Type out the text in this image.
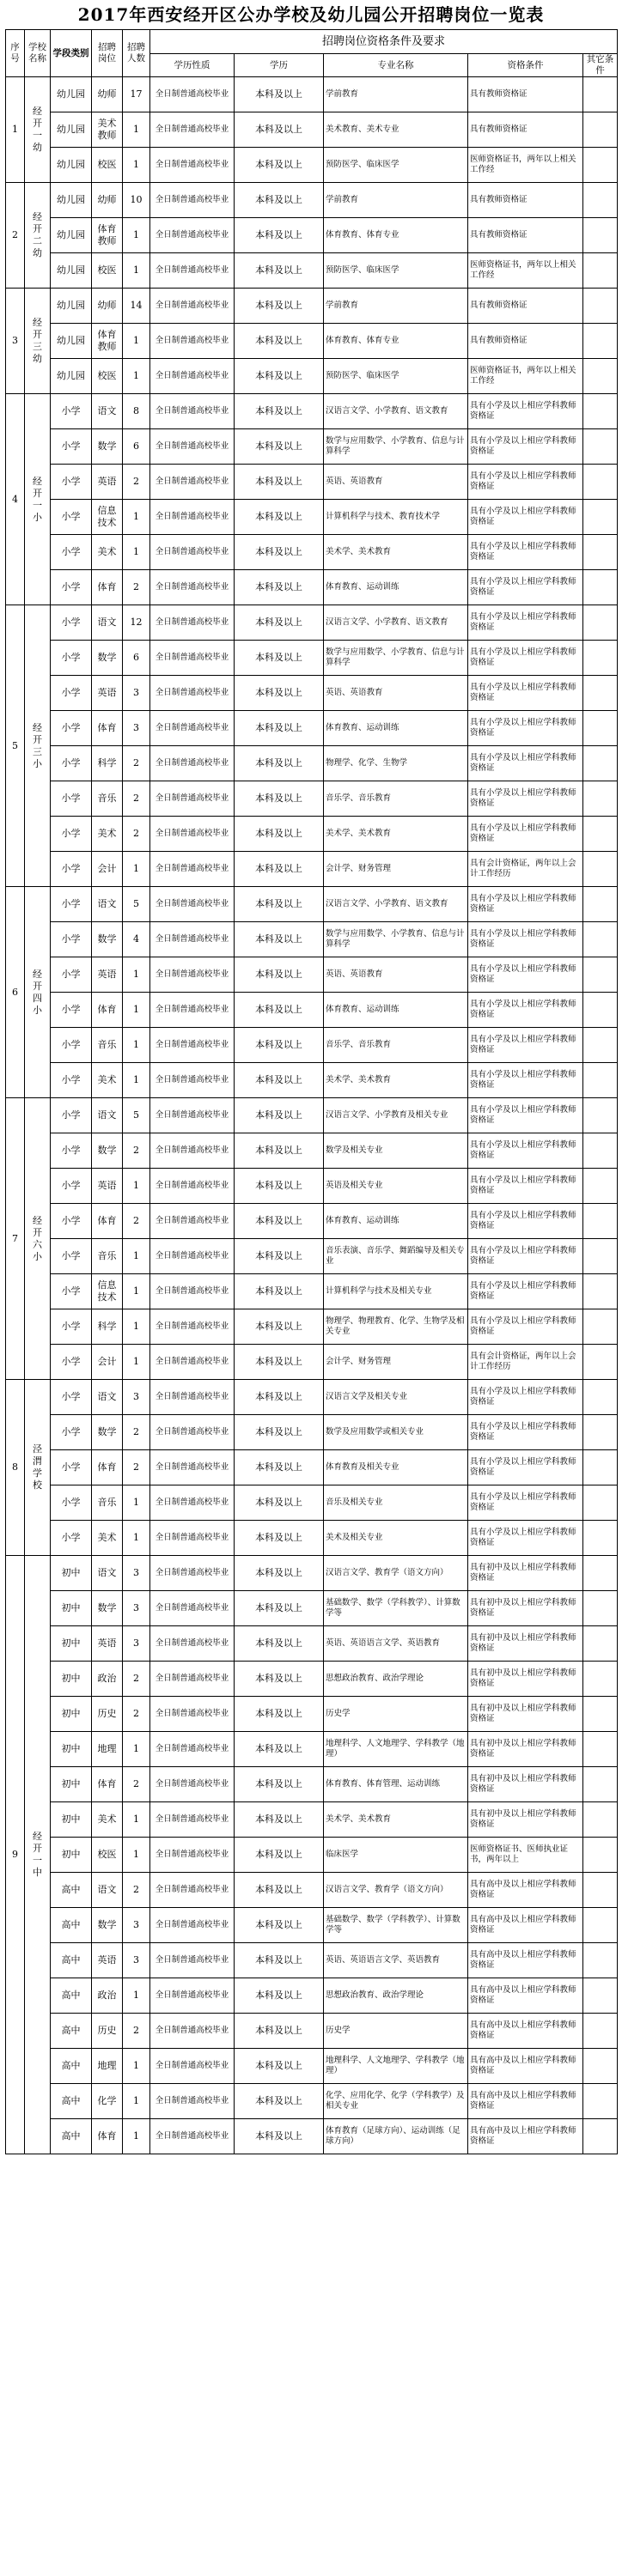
2017年西安经开区公办学校及幼儿园公开招聘岗位一览表
序号	学校名称	学段类别	招聘岗位	招聘人数	招聘岗位资格条件及要求				
					学历性质	学历	专业名称	资格条件	其它条件
1	经开一幼	幼儿园	幼师	17	全日制普通高校毕业	本科及以上	学前教育	具有教师资格证	
		幼儿园	美术教师	1	全日制普通高校毕业	本科及以上	美术教育、美术专业	具有教师资格证	
		幼儿园	校医	1	全日制普通高校毕业	本科及以上	预防医学、临床医学	医师资格证书，两年以上相关工作经	
2	经开二幼	幼儿园	幼师	10	全日制普通高校毕业	本科及以上	学前教育	具有教师资格证	
		幼儿园	体育教师	1	全日制普通高校毕业	本科及以上	体育教育、体育专业	具有教师资格证	
		幼儿园	校医	1	全日制普通高校毕业	本科及以上	预防医学、临床医学	医师资格证书，两年以上相关工作经	
3	经开三幼	幼儿园	幼师	14	全日制普通高校毕业	本科及以上	学前教育	具有教师资格证	
		幼儿园	体育教师	1	全日制普通高校毕业	本科及以上	体育教育、体育专业	具有教师资格证	
		幼儿园	校医	1	全日制普通高校毕业	本科及以上	预防医学、临床医学	医师资格证书，两年以上相关工作经	
4	经开一小	小学	语文	8	全日制普通高校毕业	本科及以上	汉语言文学、小学教育、语文教育	具有小学及以上相应学科教师资格证	
		小学	数学	6	全日制普通高校毕业	本科及以上	数学与应用数学、小学教育、信息与计算科学	具有小学及以上相应学科教师资格证	
		小学	英语	2	全日制普通高校毕业	本科及以上	英语、英语教育	具有小学及以上相应学科教师资格证	
		小学	信息技术	1	全日制普通高校毕业	本科及以上	计算机科学与技术、教育技术学	具有小学及以上相应学科教师资格证	
		小学	美术	1	全日制普通高校毕业	本科及以上	美术学、美术教育	具有小学及以上相应学科教师资格证	
		小学	体育	2	全日制普通高校毕业	本科及以上	体育教育、运动训练	具有小学及以上相应学科教师资格证	
5	经开三小	小学	语文	12	全日制普通高校毕业	本科及以上	汉语言文学、小学教育、语文教育	具有小学及以上相应学科教师资格证	
		小学	数学	6	全日制普通高校毕业	本科及以上	数学与应用数学、小学教育、信息与计算科学	具有小学及以上相应学科教师资格证	
		小学	英语	3	全日制普通高校毕业	本科及以上	英语、英语教育	具有小学及以上相应学科教师资格证	
		小学	体育	3	全日制普通高校毕业	本科及以上	体育教育、运动训练	具有小学及以上相应学科教师资格证	
		小学	科学	2	全日制普通高校毕业	本科及以上	物理学、化学、生物学	具有小学及以上相应学科教师资格证	
		小学	音乐	2	全日制普通高校毕业	本科及以上	音乐学、音乐教育	具有小学及以上相应学科教师资格证	
		小学	美术	2	全日制普通高校毕业	本科及以上	美术学、美术教育	具有小学及以上相应学科教师资格证	
		小学	会计	1	全日制普通高校毕业	本科及以上	会计学、财务管理	具有会计资格证，两年以上会计工作经历	
6	经开四小	小学	语文	5	全日制普通高校毕业	本科及以上	汉语言文学、小学教育、语文教育	具有小学及以上相应学科教师资格证	
		小学	数学	4	全日制普通高校毕业	本科及以上	数学与应用数学、小学教育、信息与计算科学	具有小学及以上相应学科教师资格证	
		小学	英语	1	全日制普通高校毕业	本科及以上	英语、英语教育	具有小学及以上相应学科教师资格证	
		小学	体育	1	全日制普通高校毕业	本科及以上	体育教育、运动训练	具有小学及以上相应学科教师资格证	
		小学	音乐	1	全日制普通高校毕业	本科及以上	音乐学、音乐教育	具有小学及以上相应学科教师资格证	
		小学	美术	1	全日制普通高校毕业	本科及以上	美术学、美术教育	具有小学及以上相应学科教师资格证	
7	经开六小	小学	语文	5	全日制普通高校毕业	本科及以上	汉语言文学、小学教育及相关专业	具有小学及以上相应学科教师资格证	
		小学	数学	2	全日制普通高校毕业	本科及以上	数学及相关专业	具有小学及以上相应学科教师资格证	
		小学	英语	1	全日制普通高校毕业	本科及以上	英语及相关专业	具有小学及以上相应学科教师资格证	
		小学	体育	2	全日制普通高校毕业	本科及以上	体育教育、运动训练	具有小学及以上相应学科教师资格证	
		小学	音乐	1	全日制普通高校毕业	本科及以上	音乐表演、音乐学、舞蹈编导及相关专业	具有小学及以上相应学科教师资格证	
		小学	信息技术	1	全日制普通高校毕业	本科及以上	计算机科学与技术及相关专业	具有小学及以上相应学科教师资格证	
		小学	科学	1	全日制普通高校毕业	本科及以上	物理学、物理教育、化学、生物学及相关专业	具有小学及以上相应学科教师资格证	
		小学	会计	1	全日制普通高校毕业	本科及以上	会计学、财务管理	具有会计资格证，两年以上会计工作经历	
8	泾渭学校	小学	语文	3	全日制普通高校毕业	本科及以上	汉语言文学及相关专业	具有小学及以上相应学科教师资格证	
		小学	数学	2	全日制普通高校毕业	本科及以上	数学及应用数学或相关专业	具有小学及以上相应学科教师资格证	
		小学	体育	2	全日制普通高校毕业	本科及以上	体育教育及相关专业	具有小学及以上相应学科教师资格证	
		小学	音乐	1	全日制普通高校毕业	本科及以上	音乐及相关专业	具有小学及以上相应学科教师资格证	
		小学	美术	1	全日制普通高校毕业	本科及以上	美术及相关专业	具有小学及以上相应学科教师资格证	
9	经开一中	初中	语文	3	全日制普通高校毕业	本科及以上	汉语言文学、教育学（语文方向）	具有初中及以上相应学科教师资格证	
		初中	数学	3	全日制普通高校毕业	本科及以上	基础数学、数学（学科教学）、计算数学等	具有初中及以上相应学科教师资格证	
		初中	英语	3	全日制普通高校毕业	本科及以上	英语、英语语言文学、英语教育	具有初中及以上相应学科教师资格证	
		初中	政治	2	全日制普通高校毕业	本科及以上	思想政治教育、政治学理论	具有初中及以上相应学科教师资格证	
		初中	历史	2	全日制普通高校毕业	本科及以上	历史学	具有初中及以上相应学科教师资格证	
		初中	地理	1	全日制普通高校毕业	本科及以上	地理科学、人文地理学、学科教学（地理）	具有初中及以上相应学科教师资格证	
		初中	体育	2	全日制普通高校毕业	本科及以上	体育教育、体育管理、运动训练	具有初中及以上相应学科教师资格证	
		初中	美术	1	全日制普通高校毕业	本科及以上	美术学、美术教育	具有初中及以上相应学科教师资格证	
		初中	校医	1	全日制普通高校毕业	本科及以上	临床医学	医师资格证书、医师执业证书，两年以上	
		高中	语文	2	全日制普通高校毕业	本科及以上	汉语言文学、教育学（语文方向）	具有高中及以上相应学科教师资格证	
		高中	数学	3	全日制普通高校毕业	本科及以上	基础数学、数学（学科教学）、计算数学等	具有高中及以上相应学科教师资格证	
		高中	英语	3	全日制普通高校毕业	本科及以上	英语、英语语言文学、英语教育	具有高中及以上相应学科教师资格证	
		高中	政治	1	全日制普通高校毕业	本科及以上	思想政治教育、政治学理论	具有高中及以上相应学科教师资格证	
		高中	历史	2	全日制普通高校毕业	本科及以上	历史学	具有高中及以上相应学科教师资格证	
		高中	地理	1	全日制普通高校毕业	本科及以上	地理科学、人文地理学、学科教学（地理）	具有高中及以上相应学科教师资格证	
		高中	化学	1	全日制普通高校毕业	本科及以上	化学、应用化学、化学（学科教学）及相关专业	具有高中及以上相应学科教师资格证	
		高中	体育	1	全日制普通高校毕业	本科及以上	体育教育（足球方向）、运动训练（足球方向）	具有高中及以上相应学科教师资格证	
